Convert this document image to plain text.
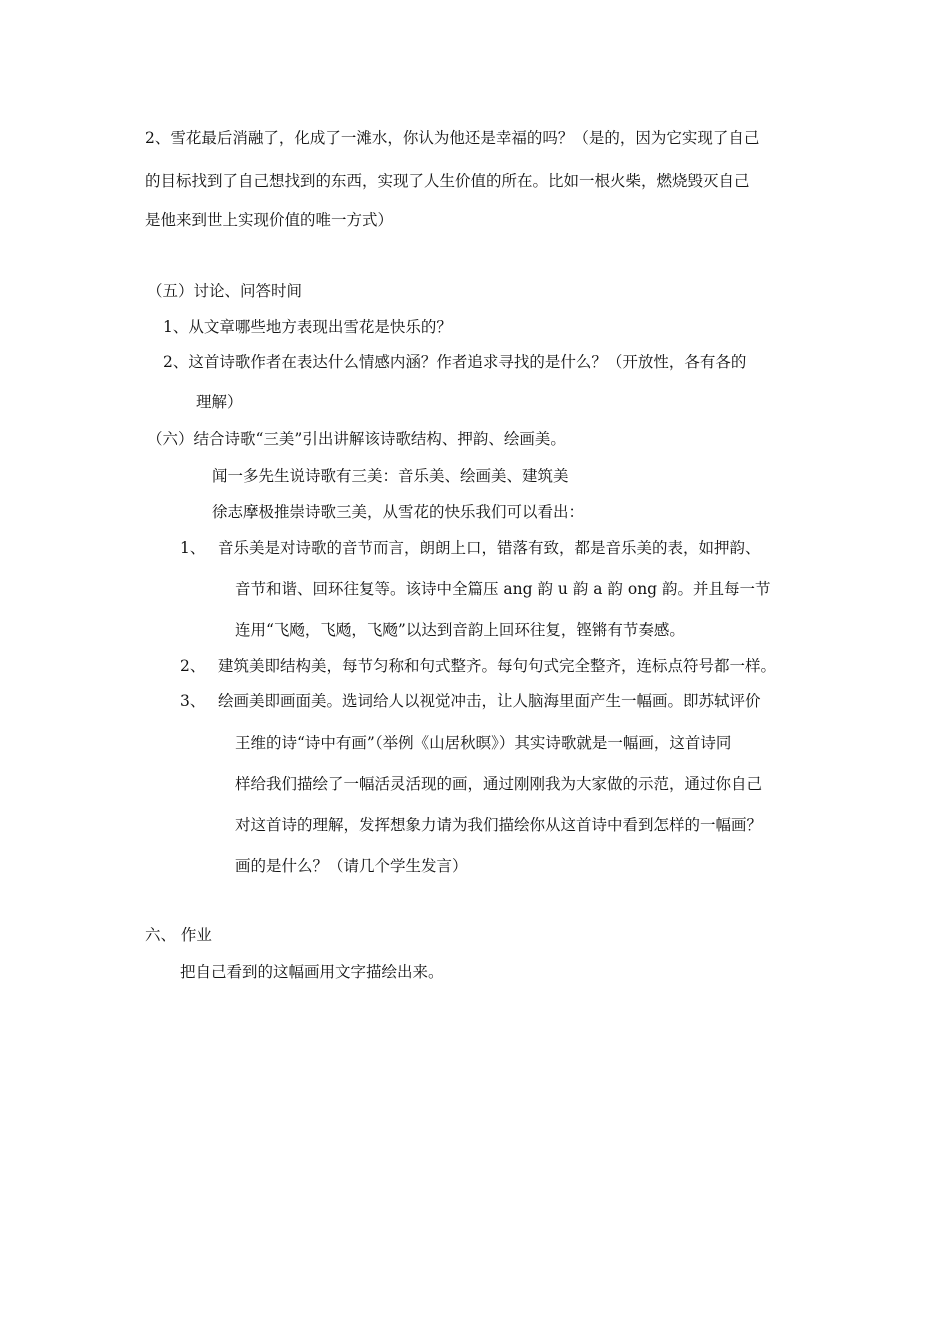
2、雪花最后消融了，化成了一滩水，你认为他还是幸福的吗？（是的，因为它实现了自己
的目标找到了自己想找到的东西，实现了人生价值的所在。比如一根火柴，燃烧毁灭自己
是他来到世上实现价值的唯一方式）
（五）讨论、问答时间
1、从文章哪些地方表现出雪花是快乐的？
2、这首诗歌作者在表达什么情感内涵？作者追求寻找的是什么？（开放性，各有各的
理解）
（六）结合诗歌“三美”引出讲解该诗歌结构、押韵、绘画美。
闻一多先生说诗歌有三美：音乐美、绘画美、建筑美
徐志摩极推崇诗歌三美，从雪花的快乐我们可以看出：
1、 音乐美是对诗歌的音节而言，朗朗上口，错落有致，都是音乐美的表，如押韵、
音节和谐、回环往复等。该诗中全篇压 ang 韵 u 韵 a 韵 ong 韵。并且每一节
连用“飞飏，飞飏，飞飏”以达到音韵上回环往复，铿锵有节奏感。
2、 建筑美即结构美，每节匀称和句式整齐。每句句式完全整齐，连标点符号都一样。
3、 绘画美即画面美。选词给人以视觉冲击，让人脑海里面产生一幅画。即苏轼评价
王维的诗“诗中有画”（举例《山居秋暝》）其实诗歌就是一幅画，这首诗同
样给我们描绘了一幅活灵活现的画，通过刚刚我为大家做的示范，通过你自己
对这首诗的理解，发挥想象力请为我们描绘你从这首诗中看到怎样的一幅画？
画的是什么？（请几个学生发言）
六、 作业
把自己看到的这幅画用文字描绘出来。
